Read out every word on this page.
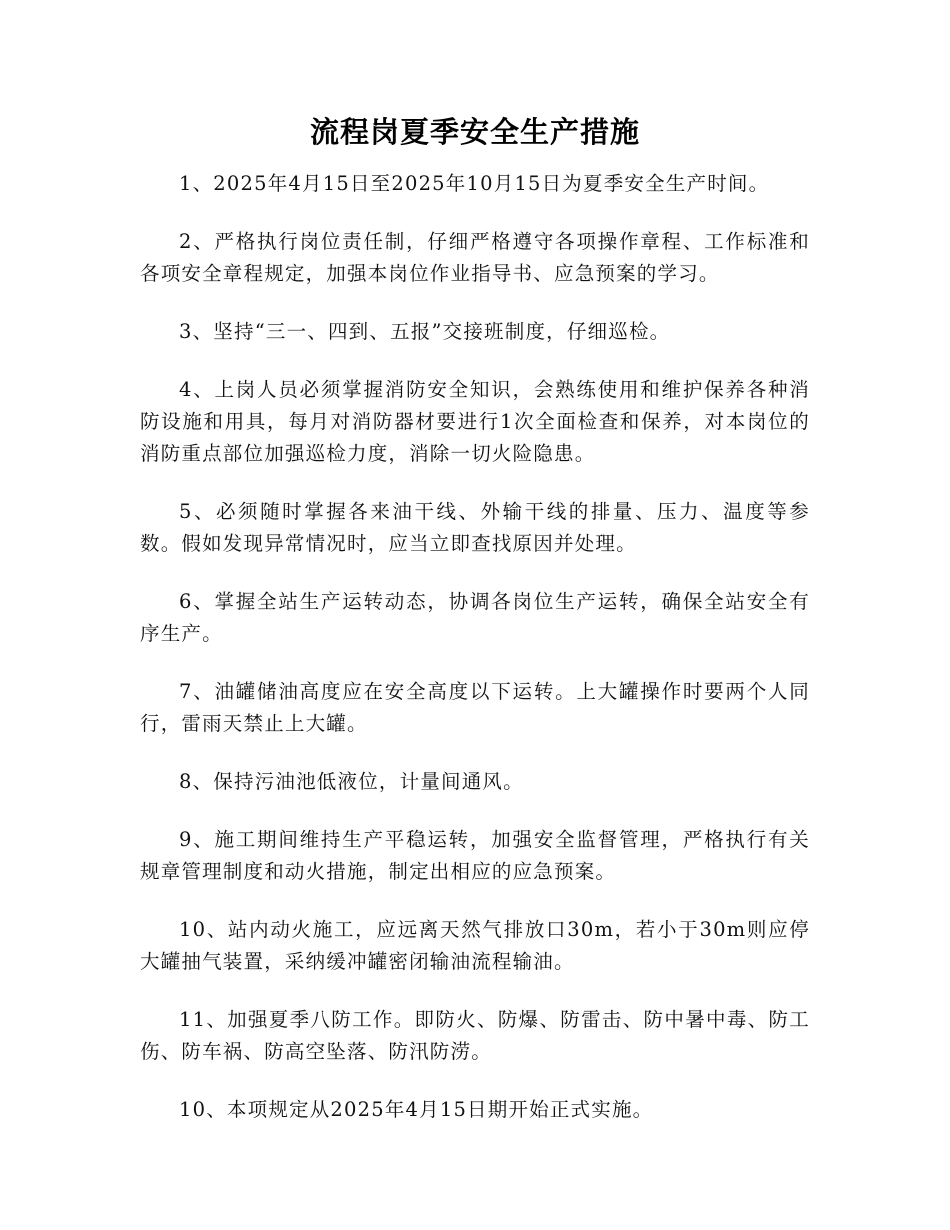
流程岗夏季安全生产措施

1、2025年4月15日至2025年10月15日为夏季安全生产时间。

2、严格执行岗位责任制，仔细严格遵守各项操作章程、工作标准和各项安全章程规定，加强本岗位作业指导书、应急预案的学习。

3、坚持“三一、四到、五报”交接班制度，仔细巡检。

4、上岗人员必须掌握消防安全知识，会熟练使用和维护保养各种消防设施和用具，每月对消防器材要进行1次全面检查和保养，对本岗位的消防重点部位加强巡检力度，消除一切火险隐患。

5、必须随时掌握各来油干线、外输干线的排量、压力、温度等参数。假如发现异常情况时，应当立即查找原因并处理。

6、掌握全站生产运转动态，协调各岗位生产运转，确保全站安全有序生产。

7、油罐储油高度应在安全高度以下运转。上大罐操作时要两个人同行，雷雨天禁止上大罐。

8、保持污油池低液位，计量间通风。

9、施工期间维持生产平稳运转，加强安全监督管理，严格执行有关规章管理制度和动火措施，制定出相应的应急预案。

10、站内动火施工，应远离天然气排放口30m，若小于30m则应停大罐抽气装置，采纳缓冲罐密闭输油流程输油。

11、加强夏季八防工作。即防火、防爆、防雷击、防中暑中毒、防工伤、防车祸、防高空坠落、防汛防涝。

10、本项规定从2025年4月15日期开始正式实施。
